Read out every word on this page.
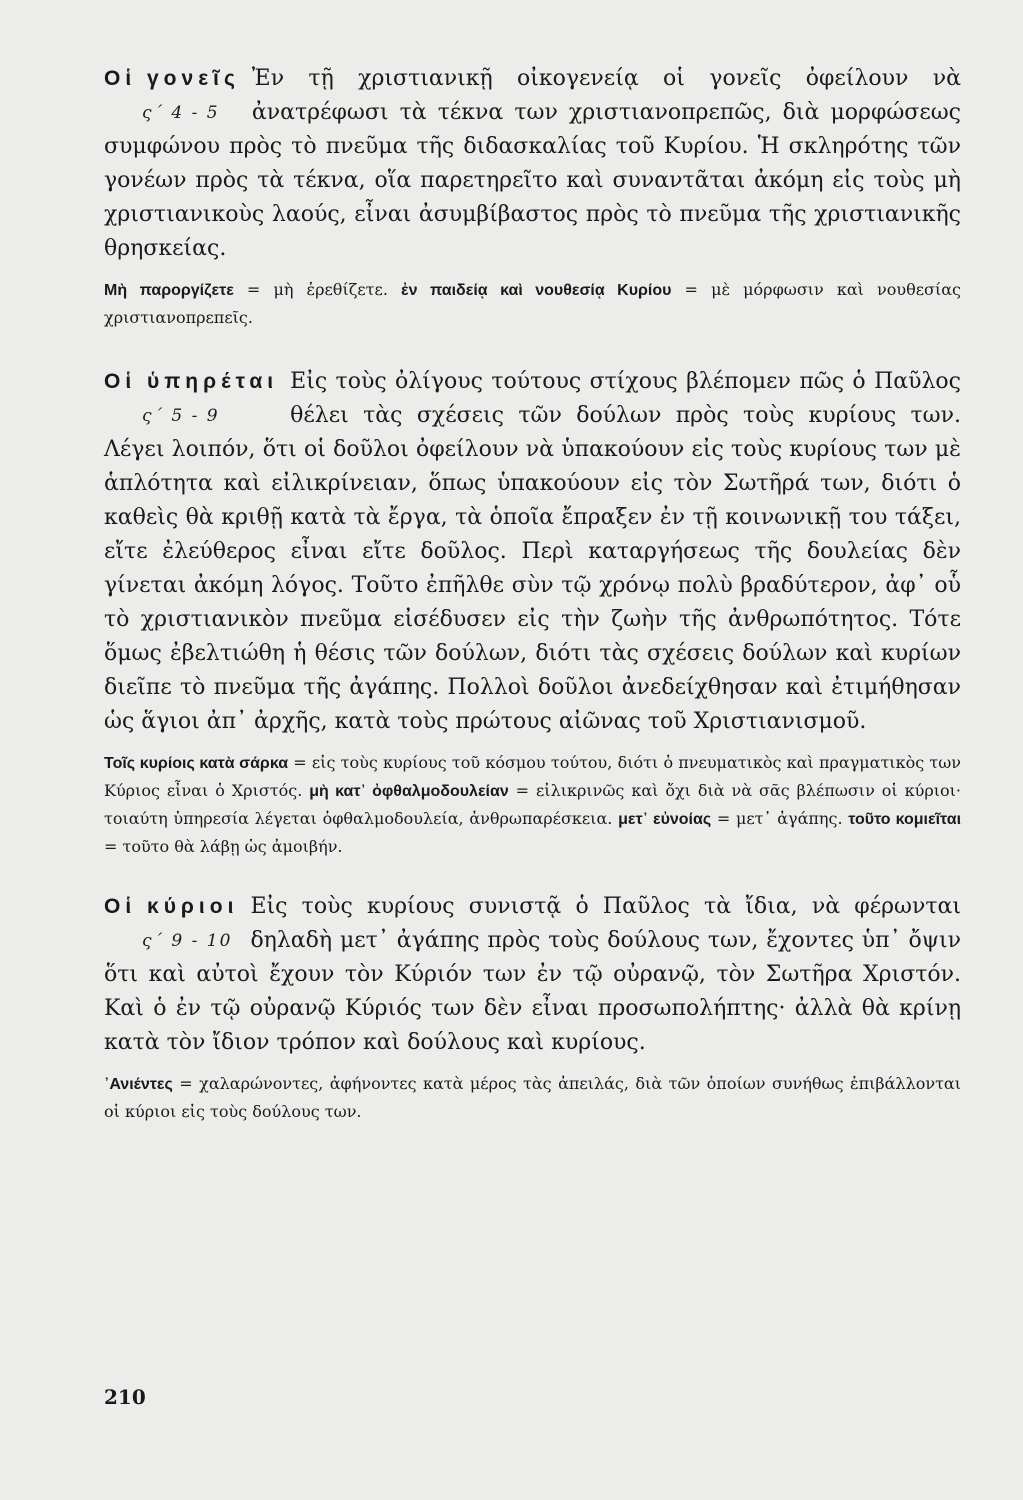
Οἱ γονεῖς
ς΄ 4 - 5
Ἐν τῇ χριστιανικῇ οἰκογενείᾳ οἱ γονεῖς ὀφείλουν νὰ ἀνατρέφωσι τὰ τέκνα των χριστιανοπρεπῶς, διὰ μορφώσεως συμφώνου πρὸς τὸ πνεῦμα τῆς διδασκαλίας τοῦ Κυρίου. Ἡ σκληρότης τῶν γονέων πρὸς τὰ τέκνα, οἵα παρετηρεῖτο καὶ συναντᾶται ἀκόμη εἰς τοὺς μὴ χριστιανικοὺς λαούς, εἶναι ἀσυμβίβαστος πρὸς τὸ πνεῦμα τῆς χριστιανικῆς θρησκείας.

Μὴ παροργίζετε = μὴ ἐρεθίζετε. ἐν παιδείᾳ καὶ νουθεσίᾳ Κυρίου = μὲ μόρφωσιν καὶ νουθεσίας χριστιανοπρεπεῖς.

Οἱ ὑπηρέται
ς΄ 5 - 9
Εἰς τοὺς ὀλίγους τούτους στίχους βλέπομεν πῶς ὁ Παῦλος θέλει τὰς σχέσεις τῶν δούλων πρὸς τοὺς κυρίους των. Λέγει λοιπόν, ὅτι οἱ δοῦλοι ὀφείλουν νὰ ὑπακούουν εἰς τοὺς κυρίους των μὲ ἁπλότητα καὶ εἰλικρίνειαν, ὅπως ὑπακούουν εἰς τὸν Σωτῆρά των, διότι ὁ καθεὶς θὰ κριθῇ κατὰ τὰ ἔργα, τὰ ὁποῖα ἔπραξεν ἐν τῇ κοινωνικῇ του τάξει, εἴτε ἐλεύθερος εἶναι εἴτε δοῦλος. Περὶ καταργήσεως τῆς δουλείας δὲν γίνεται ἀκόμη λόγος. Τοῦτο ἐπῆλθε σὺν τῷ χρόνῳ πολὺ βραδύτερον, ἀφ᾽ οὗ τὸ χριστιανικὸν πνεῦμα εἰσέδυσεν εἰς τὴν ζωὴν τῆς ἀνθρωπότητος. Τότε ὅμως ἐβελτιώθη ἡ θέσις τῶν δούλων, διότι τὰς σχέσεις δούλων καὶ κυρίων διεῖπε τὸ πνεῦμα τῆς ἀγάπης. Πολλοὶ δοῦλοι ἀνεδείχθησαν καὶ ἐτιμήθησαν ὡς ἅγιοι ἀπ᾽ ἀρχῆς, κατὰ τοὺς πρώτους αἰῶνας τοῦ Χριστιανισμοῦ.

Τοῖς κυρίοις κατὰ σάρκα = εἰς τοὺς κυρίους τοῦ κόσμου τούτου, διότι ὁ πνευματικὸς καὶ πραγματικὸς των Κύριος εἶναι ὁ Χριστός. μὴ κατ᾽ ὀφθαλμοδουλείαν = εἰλικρινῶς καὶ ὄχι διὰ νὰ σᾶς βλέπωσιν οἱ κύριοι· τοιαύτη ὑπηρεσία λέγεται ὀφθαλμοδουλεία, ἀνθρωπαρέσκεια. μετ᾽ εὐνοίας = μετ᾽ ἀγάπης. τοῦτο κομιεῖται = τοῦτο θὰ λάβῃ ὡς ἀμοιβήν.

Οἱ κύριοι
ς΄ 9 - 10
Εἰς τοὺς κυρίους συνιστᾷ ὁ Παῦλος τὰ ἴδια, νὰ φέρωνται δηλαδὴ μετ᾽ ἀγάπης πρὸς τοὺς δούλους των, ἔχοντες ὑπ᾽ ὄψιν ὅτι καὶ αὐτοὶ ἔχουν τὸν Κύριόν των ἐν τῷ οὐρανῷ, τὸν Σωτῆρα Χριστόν. Καὶ ὁ ἐν τῷ οὐρανῷ Κύριός των δὲν εἶναι προσωπολήπτης· ἀλλὰ θὰ κρίνῃ κατὰ τὸν ἴδιον τρόπον καὶ δούλους καὶ κυρίους.

᾽Ανιέντες = χαλαρώνοντες, ἀφήνοντες κατὰ μέρος τὰς ἀπειλάς, διὰ τῶν ὁποίων συνήθως ἐπιβάλλονται οἱ κύριοι εἰς τοὺς δούλους των.

210
